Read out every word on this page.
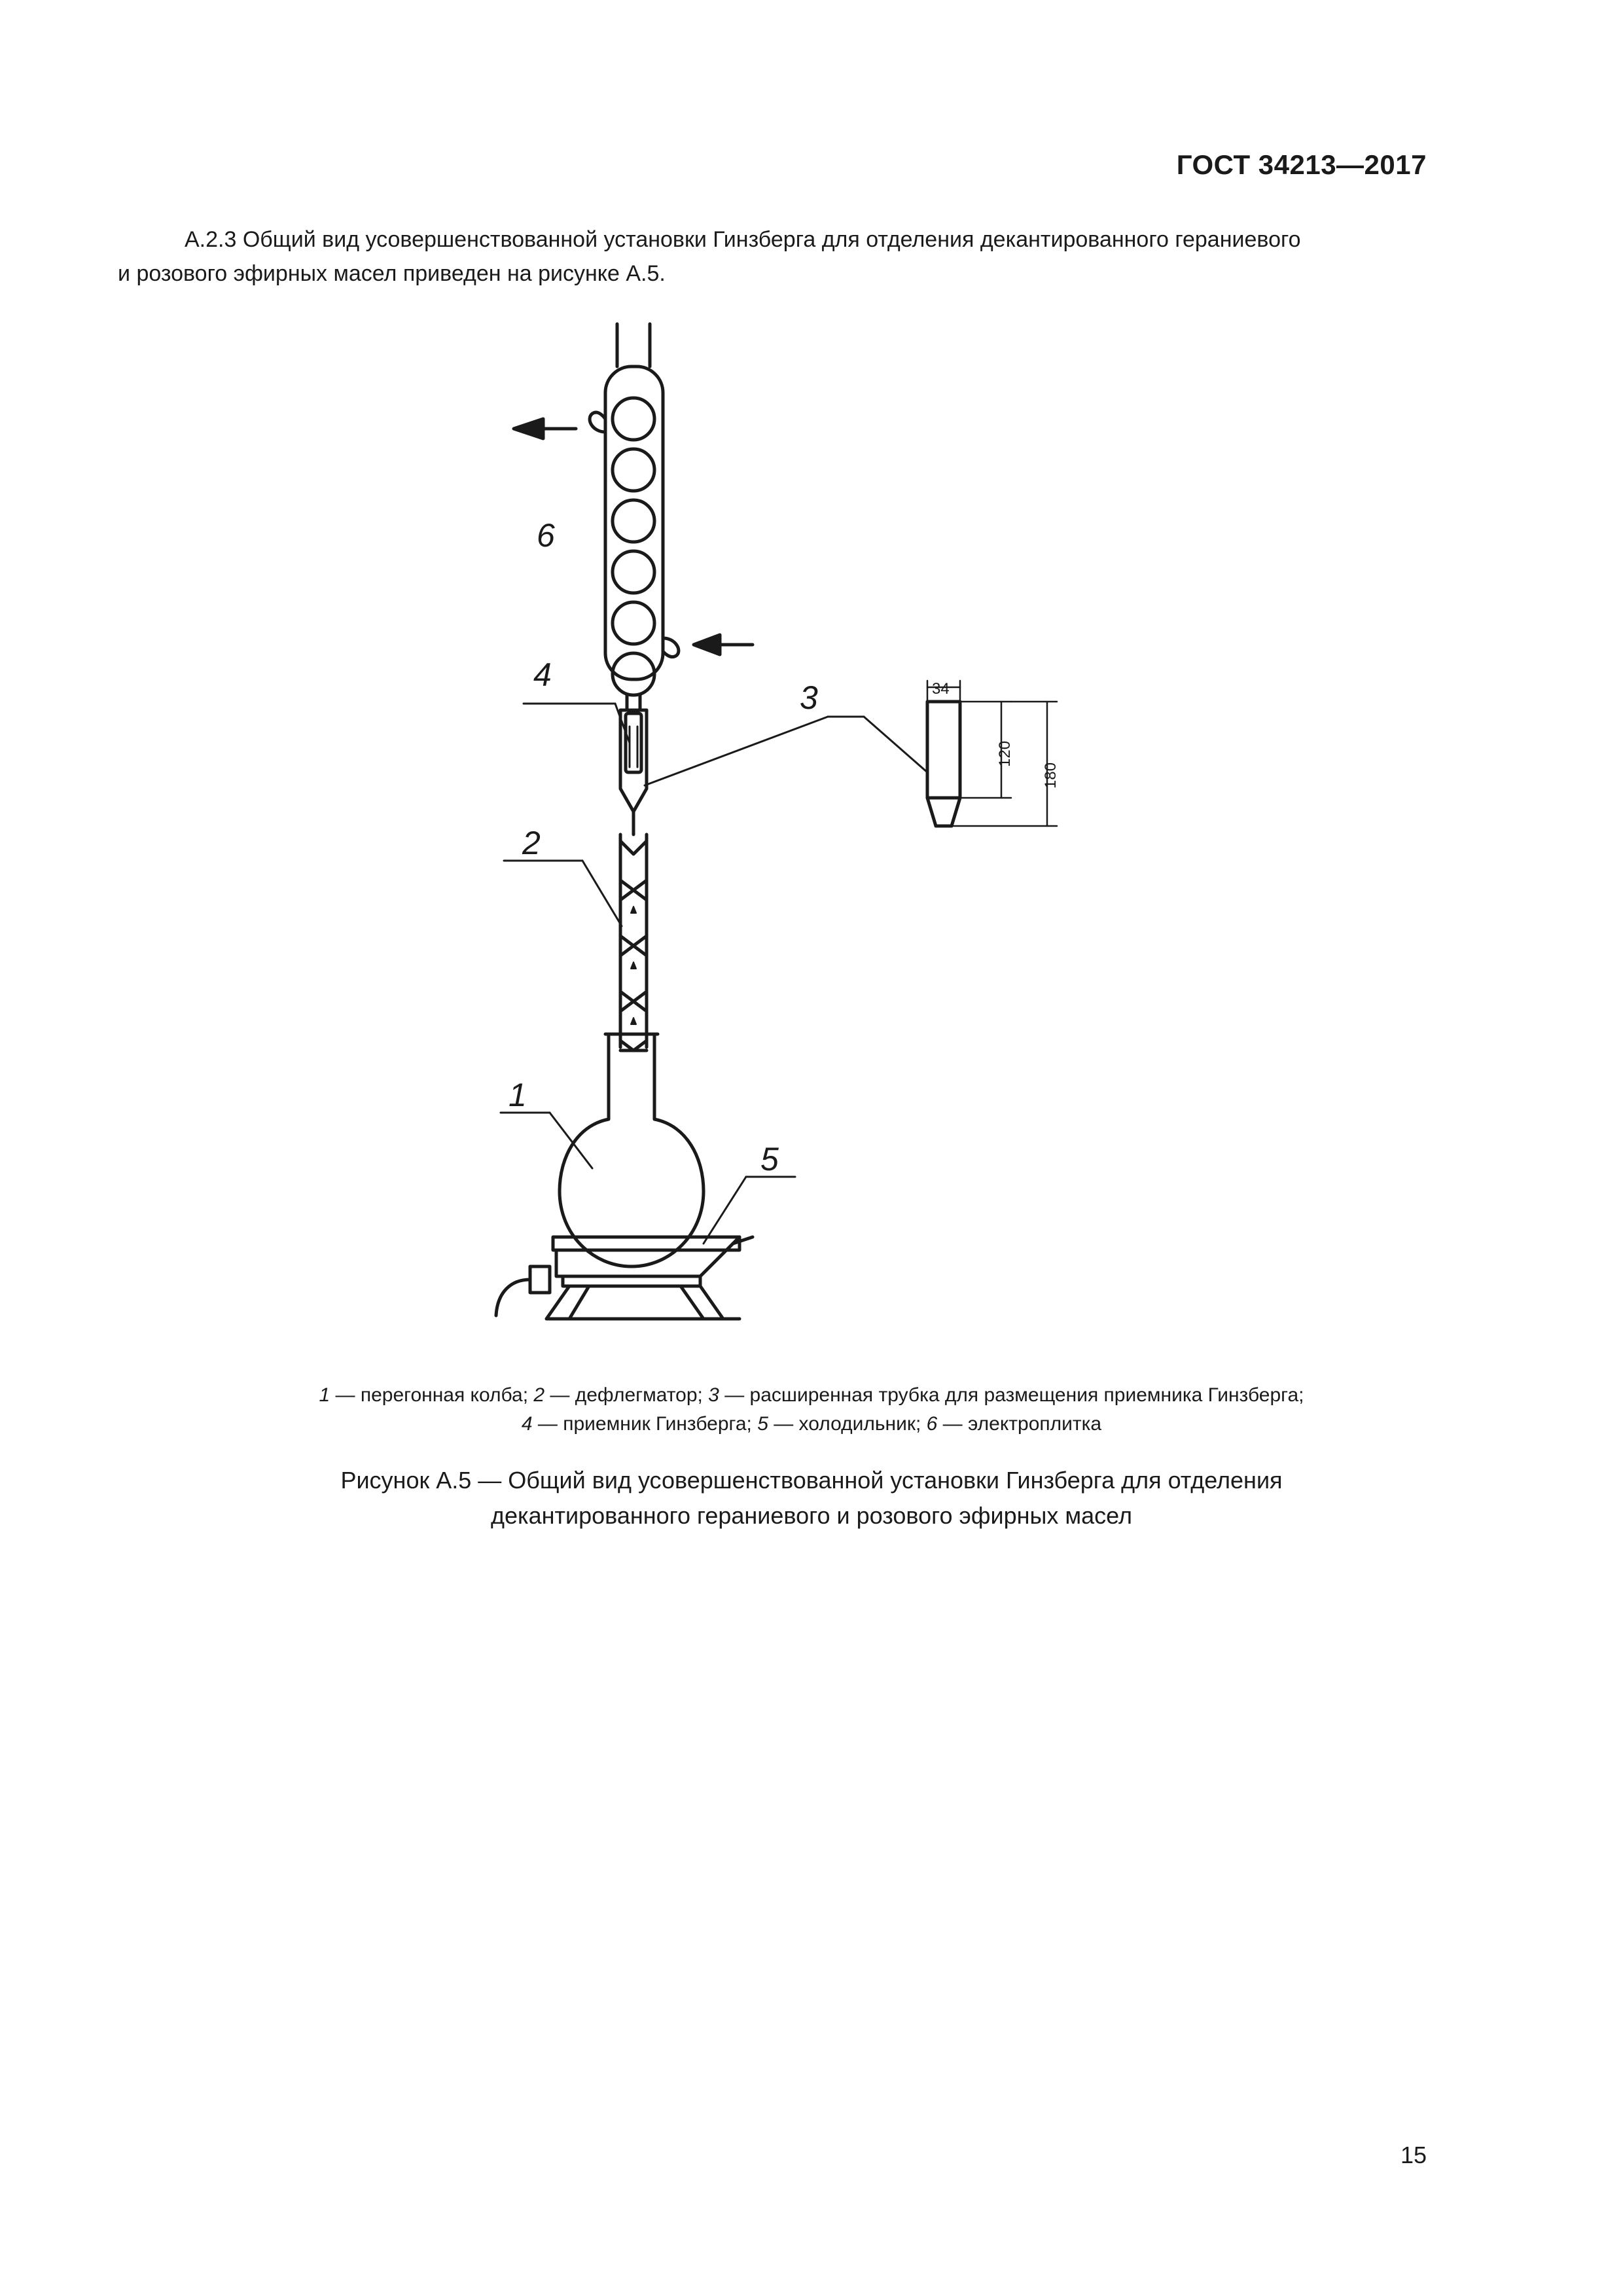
ГОСТ 34213—2017
А.2.3 Общий вид усовершенствованной установки Гинзберга для отделения декантированного гераниевого
и розового эфирных масел приведен на рисунке А.5.
6
4
3
2
1
5
34
120
180
1 — перегонная колба; 2 — дефлегматор; 3 — расширенная трубка для размещения приемника Гинзберга;
4 — приемник Гинзберга; 5 — холодильник; 6 — электроплитка
Рисунок А.5 — Общий вид усовершенствованной установки Гинзберга для отделения
декантированного гераниевого и розового эфирных масел
15
